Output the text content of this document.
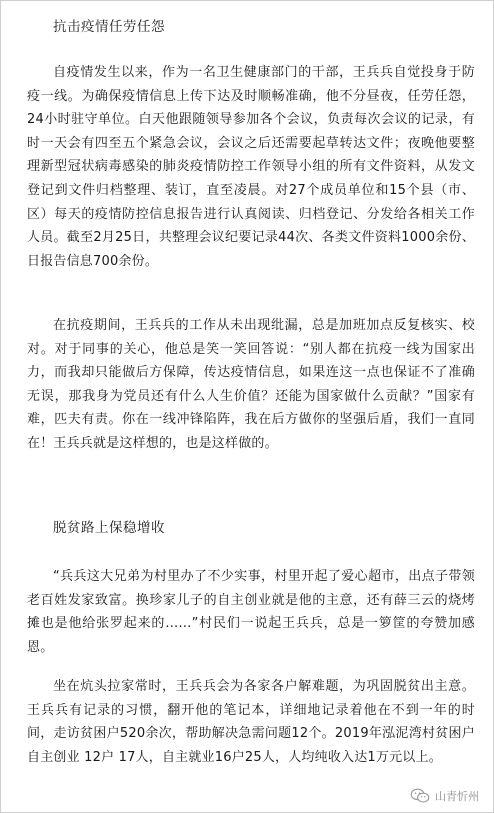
抗击疫情任劳任怨

自疫情发生以来，作为一名卫生健康部门的干部，王兵兵自觉投身于防疫一线。为确保疫情信息上传下达及时顺畅准确，他不分昼夜，任劳任怨，24小时驻守单位。白天他跟随领导参加各个会议，负责每次会议的记录，有时一天会有四至五个紧急会议，会议之后还需要起草转达文件；夜晚他要整理新型冠状病毒感染的肺炎疫情防控工作领导小组的所有文件资料，从发文登记到文件归档整理、装订，直至凌晨。对27个成员单位和15个县（市、区）每天的疫情防控信息报告进行认真阅读、归档登记、分发给各相关工作人员。截至2月25日，共整理会议纪要记录44次、各类文件资料1000余份、日报告信息700余份。

在抗疫期间，王兵兵的工作从未出现纰漏，总是加班加点反复核实、校对。对于同事的关心，他总是笑一笑回答说：“别人都在抗疫一线为国家出力，而我却只能做后方保障，传达疫情信息，如果连这一点也保证不了准确无误，那我身为党员还有什么人生价值？还能为国家做什么贡献？”国家有难，匹夫有责。你在一线冲锋陷阵，我在后方做你的坚强后盾，我们一直同在！王兵兵就是这样想的，也是这样做的。

脱贫路上保稳增收

“兵兵这大兄弟为村里办了不少实事，村里开起了爱心超市，出点子带领老百姓发家致富。换珍家儿子的自主创业就是他的主意，还有薛三云的烧烤摊也是他给张罗起来的……”村民们一说起王兵兵，总是一箩筐的夸赞加感恩。

坐在炕头拉家常时，王兵兵会为各家各户解难题，为巩固脱贫出主意。王兵兵有记录的习惯，翻开他的笔记本，详细地记录着他在不到一年的时间，走访贫困户520余次，帮助解决急需问题12个。2019年泓泥湾村贫困户自主创业 12户 17人，自主就业16户25人，人均纯收入达1万元以上。

山青忻州
